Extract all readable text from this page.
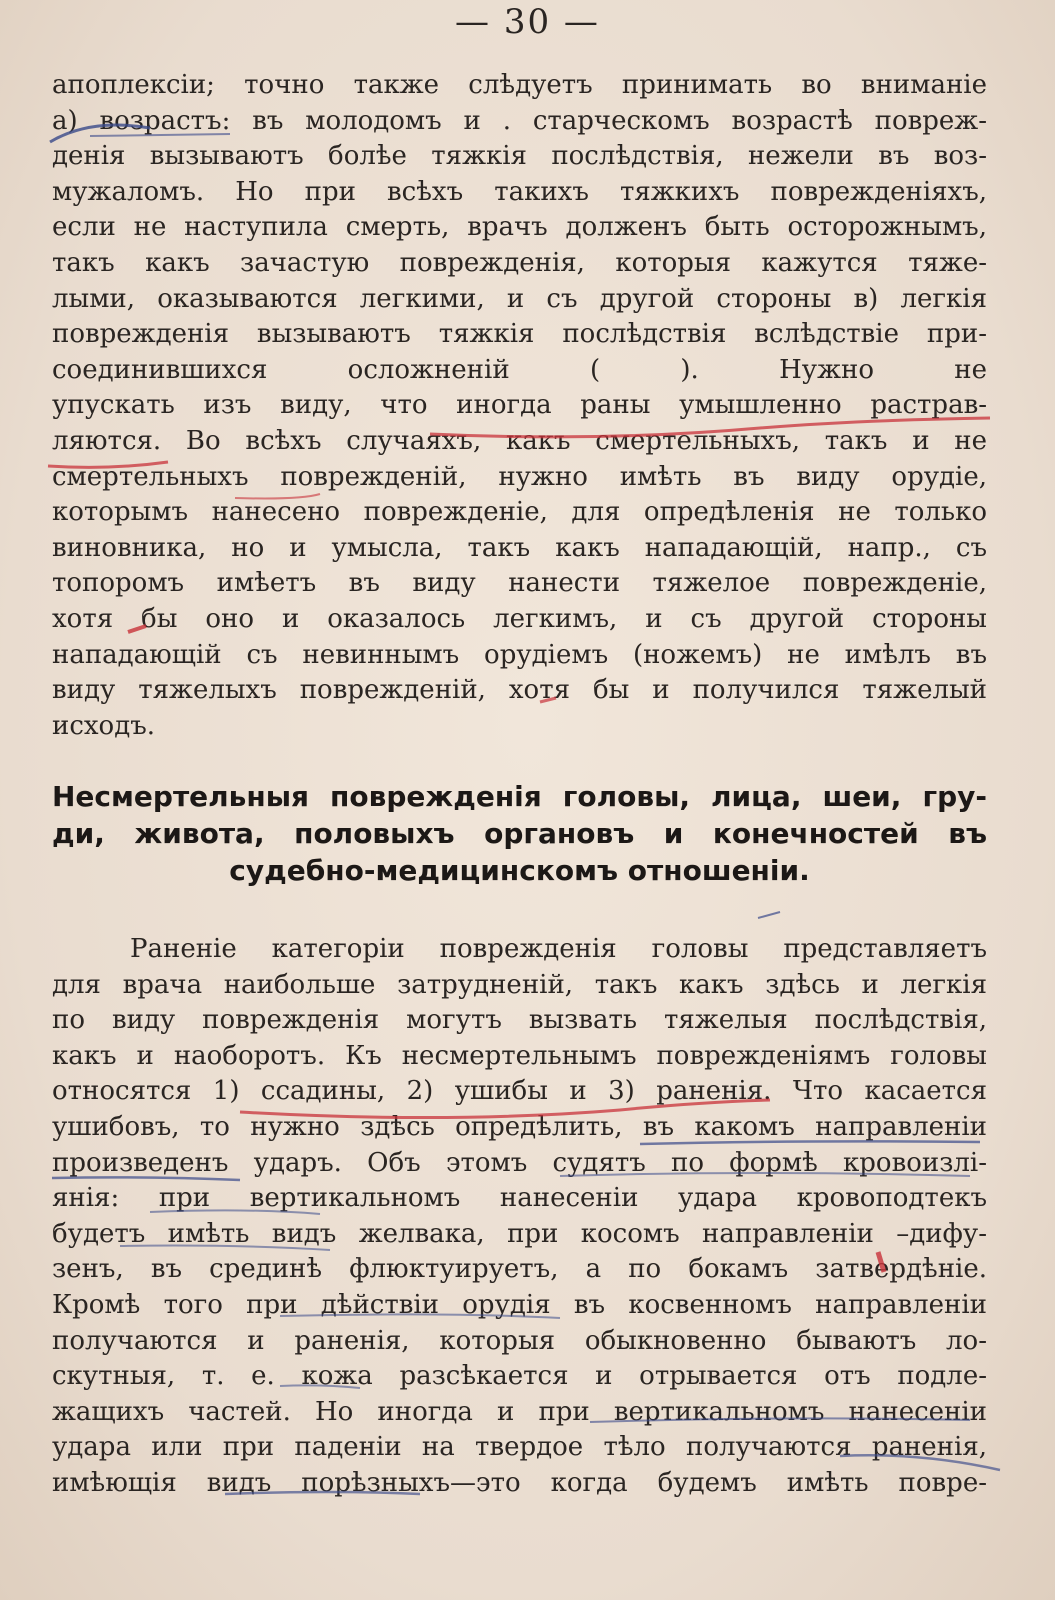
— 30 —
апоплексіи; точно также слѣдуетъ принимать во вниманіе
а) возрастъ: въ молодомъ и . старческомъ возрастѣ повреж-
денія вызываютъ болѣе тяжкія послѣдствія, нежели въ воз-
мужаломъ. Но при всѣхъ такихъ тяжкихъ поврежденіяхъ,
если не наступила смерть, врачъ долженъ быть осторожнымъ,
такъ какъ зачастую поврежденія, которыя кажутся тяже-
лыми, оказываются легкими, и съ другой стороны в) легкія
поврежденія вызываютъ тяжкія послѣдствія вслѣдствіе при-
соединившихся осложненій ( ). Нужно не
упускать изъ виду, что иногда раны умышленно растрав-
ляются. Во всѣхъ случаяхъ, какъ смертельныхъ, такъ и не
смертельныхъ поврежденій, нужно имѣть въ виду орудіе,
которымъ нанесено поврежденіе, для опредѣленія не только
виновника, но и умысла, такъ какъ нападающій, напр., съ
топоромъ имѣетъ въ виду нанести тяжелое поврежденіе,
хотя бы оно и оказалось легкимъ, и съ другой стороны
нападающій съ невиннымъ орудіемъ (ножемъ) не имѣлъ въ
виду тяжелыхъ поврежденій, хотя бы и получился тяжелый
исходъ.
Несмертельныя поврежденія головы, лица, шеи, гру-
ди, живота, половыхъ органовъ и конечностей въ
судебно-медицинскомъ отношеніи.
Раненіе категоріи поврежденія головы представляетъ
для врача наибольше затрудненій, такъ какъ здѣсь и легкія
по виду поврежденія могутъ вызвать тяжелыя послѣдствія,
какъ и наоборотъ. Къ несмертельнымъ поврежденіямъ головы
относятся 1) ссадины, 2) ушибы и 3) раненія. Что касается
ушибовъ, то нужно здѣсь опредѣлить, въ какомъ направленіи
произведенъ ударъ. Объ этомъ судятъ по формѣ кровоизлі-
янія: при вертикальномъ нанесеніи удара кровоподтекъ
будетъ имѣть видъ желвака, при косомъ направленіи –дифу-
зенъ, въ срединѣ флюктуируетъ, а по бокамъ затвердѣніе.
Кромѣ того при дѣйствіи орудія въ косвенномъ направленіи
получаются и раненія, которыя обыкновенно бываютъ ло-
скутныя, т. е. кожа разсѣкается и отрывается отъ подле-
жащихъ частей. Но иногда и при вертикальномъ нанесеніи
удара или при паденіи на твердое тѣло получаются раненія,
имѣющія видъ порѣзныхъ—это когда будемъ имѣть повре-
